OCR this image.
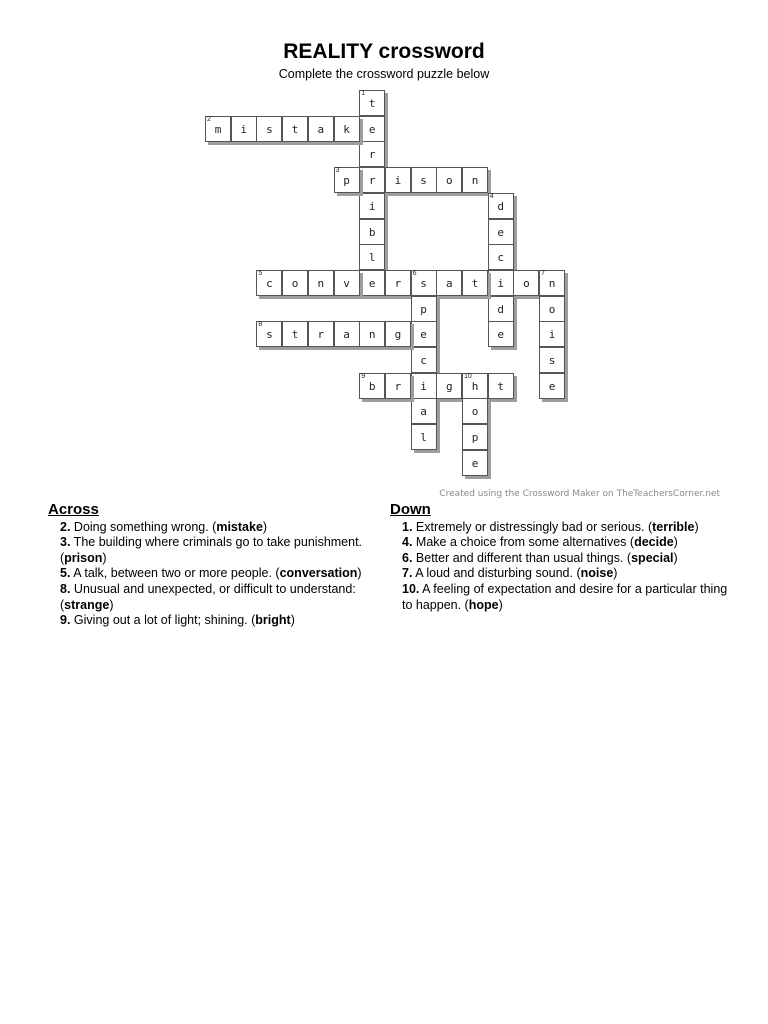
REALITY crossword
Complete the crossword puzzle below
t
1
e
r
r
i
b
l
e
m
2
i	s	t	a	k
p
3
i	s	o	n
d
4
e
c
i
d
e
c
5
o	n	v	r	s
6
a	t	o	n
7
p
e
c
i
a
l
o
i
s
e
s
8
t	r	a	n	g
b
9
r	g	h
10
t
o
p
e
Created using the Crossword Maker on TheTeachersCorner.net
Across
2. Doing something wrong. (mistake)
3. The building where criminals go to take punishment. (prison)
5. A talk, between two or more people. (conversation)
8. Unusual and unexpected, or difficult to understand: (strange)
9. Giving out a lot of light; shining. (bright)
Down
1. Extremely or distressingly bad or serious. (terrible)
4. Make a choice from some alternatives (decide)
6. Better and different than usual things. (special)
7. A loud and disturbing sound. (noise)
10. A feeling of expectation and desire for a particular thing to happen. (hope)
